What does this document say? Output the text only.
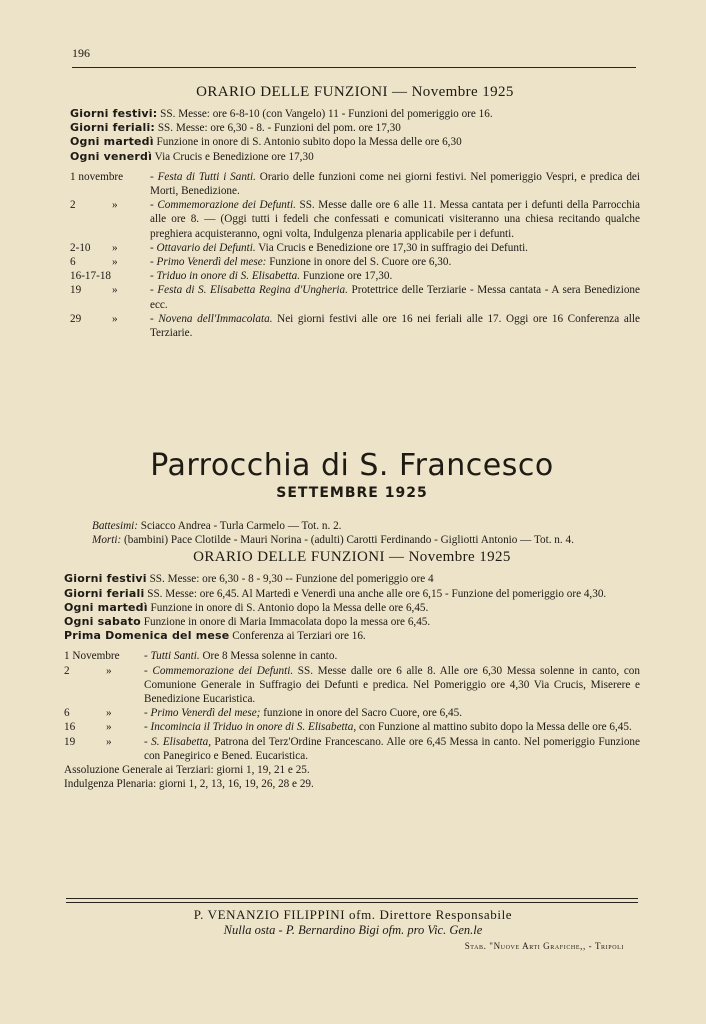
196
ORARIO DELLE FUNZIONI — Novembre 1925
Giorni festivi: SS. Messe: ore 6-8-10 (con Vangelo) 11 - Funzioni del pomeriggio ore 16.
Giorni feriali: SS. Messe: ore 6,30 - 8. - Funzioni del pom. ore 17,30
Ogni martedì Funzione in onore di S. Antonio subito dopo la Messa delle ore 6,30
Ogni venerdì Via Crucis e Benedizione ore 17,30
1 novembre	- Festa di Tutti i Santi. Orario delle funzioni come nei giorni festivi. Nel pomeriggio Vespri, e predica dei Morti, Benedizione.
2	»	- Commemorazione dei Defunti. SS. Messe dalle ore 6 alle 11. Messa cantata per i defunti della Parrocchia alle ore 8. — (Oggi tutti i fedeli che confessati e comunicati visiteranno una chiesa recitando qualche preghiera acquisteranno, ogni volta, Indulgenza plenaria applicabile per i defunti.
2-10 »	- Ottavario dei Defunti. Via Crucis e Benedizione ore 17,30 in suffragio dei Defunti.
6	»	- Primo Venerdì del mese: Funzione in onore del S. Cuore ore 6,30.
16-17-18	- Triduo in onore di S. Elisabetta. Funzione ore 17,30.
19	»	- Festa di S. Elisabetta Regina d'Ungheria. Protettrice delle Terziarie - Messa cantata - A sera Benedizione ecc.
29	»	- Novena dell'Immacolata. Nei giorni festivi alle ore 16 nei feriali alle 17. Oggi ore 16 Conferenza alle Terziarie.
Parrocchia di S. Francesco
SETTEMBRE 1925
Battesimi: Sciacco Andrea - Turla Carmelo — Tot. n. 2.
Morti: (bambini) Pace Clotilde - Mauri Norina - (adulti) Carotti Ferdinando - Gigliotti Antonio — Tot. n. 4.
ORARIO DELLE FUNZIONI — Novembre 1925
Giorni festivi SS. Messe: ore 6,30 - 8 - 9,30 -- Funzione del pomeriggio ore 4
Giorni feriali SS. Messe: ore 6,45. Al Martedì e Venerdì una anche alle ore 6,15 - Funzione del pomeriggio ore 4,30.
Ogni martedì Funzione in onore di S. Antonio dopo la Messa delle ore 6,45.
Ogni sabato Funzione in onore di Maria Immacolata dopo la messa ore 6,45.
Prima Domenica del mese Conferenza ai Terziari ore 16.
1 Novembre	- Tutti Santi. Ore 8 Messa solenne in canto.
2	»	- Commemorazione dei Defunti. SS. Messe dalle ore 6 alle 8. Alle ore 6,30 Messa solenne in canto, con Comunione Generale in Suffragio dei Defunti e predica. Nel Pomeriggio ore 4,30 Via Crucis, Miserere e Benedizione Eucaristica.
6	»	- Primo Venerdì del mese; funzione in onore del Sacro Cuore, ore 6,45.
16	»	- Incomincia il Triduo in onore di S. Elisabetta, con Funzione al mattino subito dopo la Messa delle ore 6,45.
19	»	- S. Elisabetta, Patrona del Terz'Ordine Francescano. Alle ore 6,45 Messa in canto. Nel pomeriggio Funzione con Panegirico e Bened. Eucaristica.
Assoluzione Generale ai Terziari: giorni 1, 19, 21 e 25.
Indulgenza Plenaria: giorni 1, 2, 13, 16, 19, 26, 28 e 29.
P. VENANZIO FILIPPINI ofm. Direttore Responsabile
Nulla osta - P. Bernardino Bigi ofm. pro Vic. Gen.le
Stab. "Nuove Arti Grafiche,, - Tripoli
